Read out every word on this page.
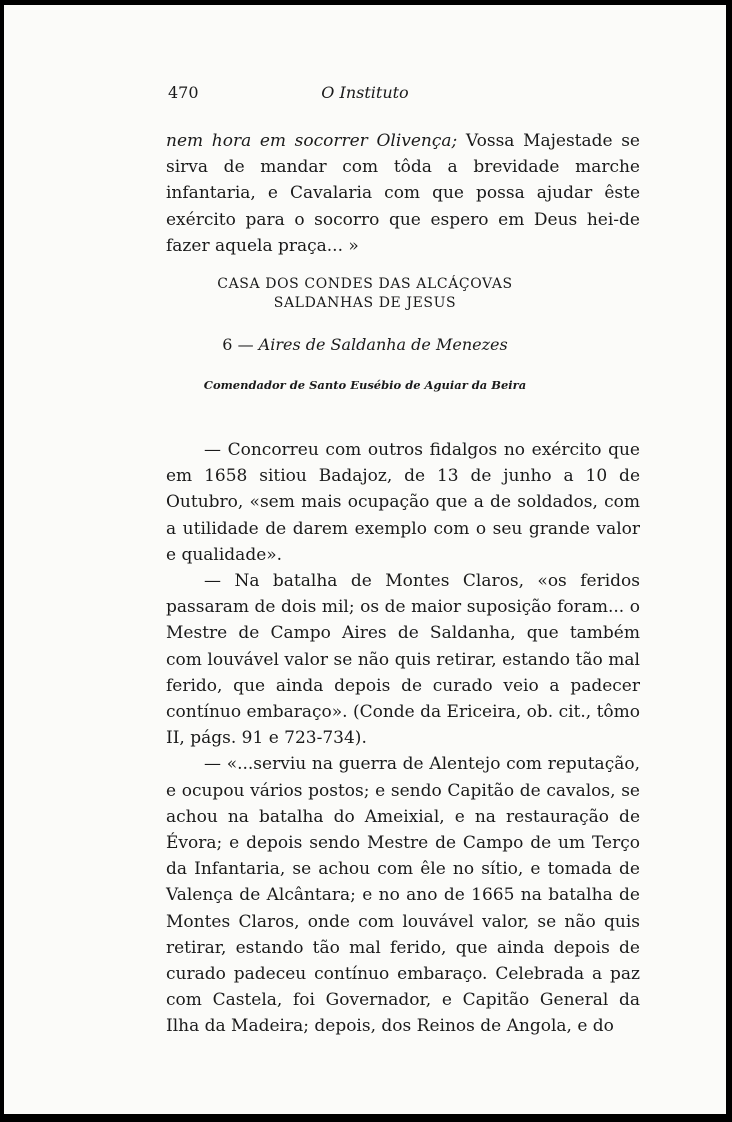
470	O Instituto

nem hora em socorrer Olivença; Vossa Majestade se sirva de mandar com tôda a brevidade marche infantaria, e Cavalaria com que possa ajudar êste exército para o socorro que espero em Deus hei-de fazer aquela praça... »

CASA DOS CONDES DAS ALCÁÇOVAS
SALDANHAS DE JESUS
6 — Aires de Saldanha de Menezes
Comendador de Santo Eusébio de Aguiar da Beira

— Concorreu com outros fidalgos no exército que em 1658 sitiou Badajoz, de 13 de junho a 10 de Outubro, «sem mais ocupação que a de soldados, com a utilidade de darem exemplo com o seu grande valor e qualidade».

— Na batalha de Montes Claros, «os feridos passaram de dois mil; os de maior suposição foram... o Mestre de Campo Aires de Saldanha, que também com louvável valor se não quis retirar, estando tão mal ferido, que ainda depois de curado veio a padecer contínuo embaraço». (Conde da Ericeira, ob. cit., tômo II, págs. 91 e 723-734).

— «...serviu na guerra de Alentejo com reputação, e ocupou vários postos; e sendo Capitão de cavalos, se achou na batalha do Ameixial, e na restauração de Évora; e depois sendo Mestre de Campo de um Terço da Infantaria, se achou com êle no sítio, e tomada de Valença de Alcântara; e no ano de 1665 na batalha de Montes Claros, onde com louvável valor, se não quis retirar, estando tão mal ferido, que ainda depois de curado padeceu contínuo embaraço. Celebrada a paz com Castela, foi Governador, e Capitão General da Ilha da Madeira; depois, dos Reinos de Angola, e do
